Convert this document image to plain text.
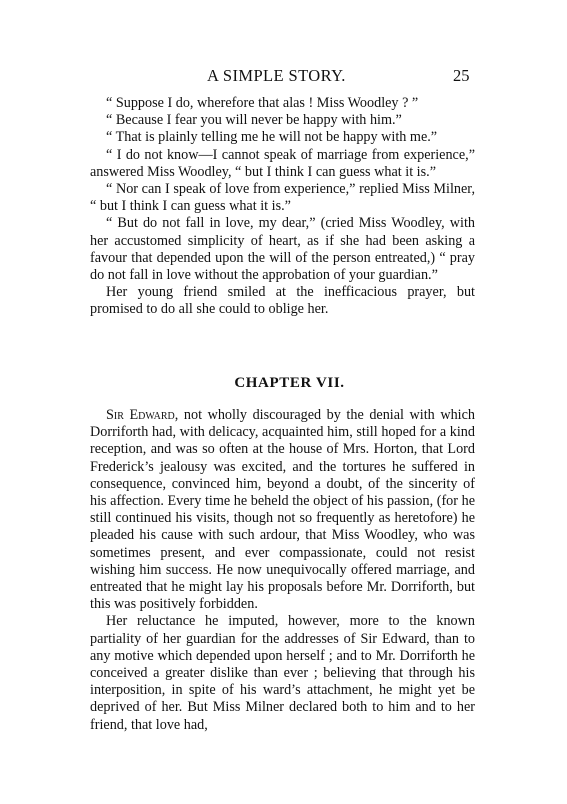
A SIMPLE STORY.	25

“ Suppose I do, wherefore that alas ! Miss Woodley ? ”

“ Because I fear you will never be happy with him.”

“ That is plainly telling me he will not be happy with me.”

“ I do not know—I cannot speak of marriage from experience,” answered Miss Woodley, “ but I think I can guess what it is.”

“ Nor can I speak of love from experience,” replied Miss Milner, “ but I think I can guess what it is.”

“ But do not fall in love, my dear,” (cried Miss Woodley, with her accustomed simplicity of heart, as if she had been asking a favour that depended upon the will of the person entreated,) “ pray do not fall in love without the approbation of your guardian.”

Her young friend smiled at the inefficacious prayer, but promised to do all she could to oblige her.

CHAPTER VII.

Sir Edward, not wholly discouraged by the denial with which Dorriforth had, with delicacy, acquainted him, still hoped for a kind reception, and was so often at the house of Mrs. Horton, that Lord Frederick’s jealousy was excited, and the tortures he suffered in consequence, convinced him, beyond a doubt, of the sincerity of his affection. Every time he beheld the object of his passion, (for he still continued his visits, though not so frequently as heretofore) he pleaded his cause with such ardour, that Miss Woodley, who was sometimes present, and ever compassionate, could not resist wishing him success. He now unequivocally offered marriage, and entreated that he might lay his proposals before Mr. Dorriforth, but this was positively forbidden.

Her reluctance he imputed, however, more to the known partiality of her guardian for the addresses of Sir Edward, than to any motive which depended upon herself ; and to Mr. Dorriforth he conceived a greater dislike than ever ; believing that through his interposition, in spite of his ward’s attachment, he might yet be deprived of her. But Miss Milner declared both to him and to her friend, that love had,
